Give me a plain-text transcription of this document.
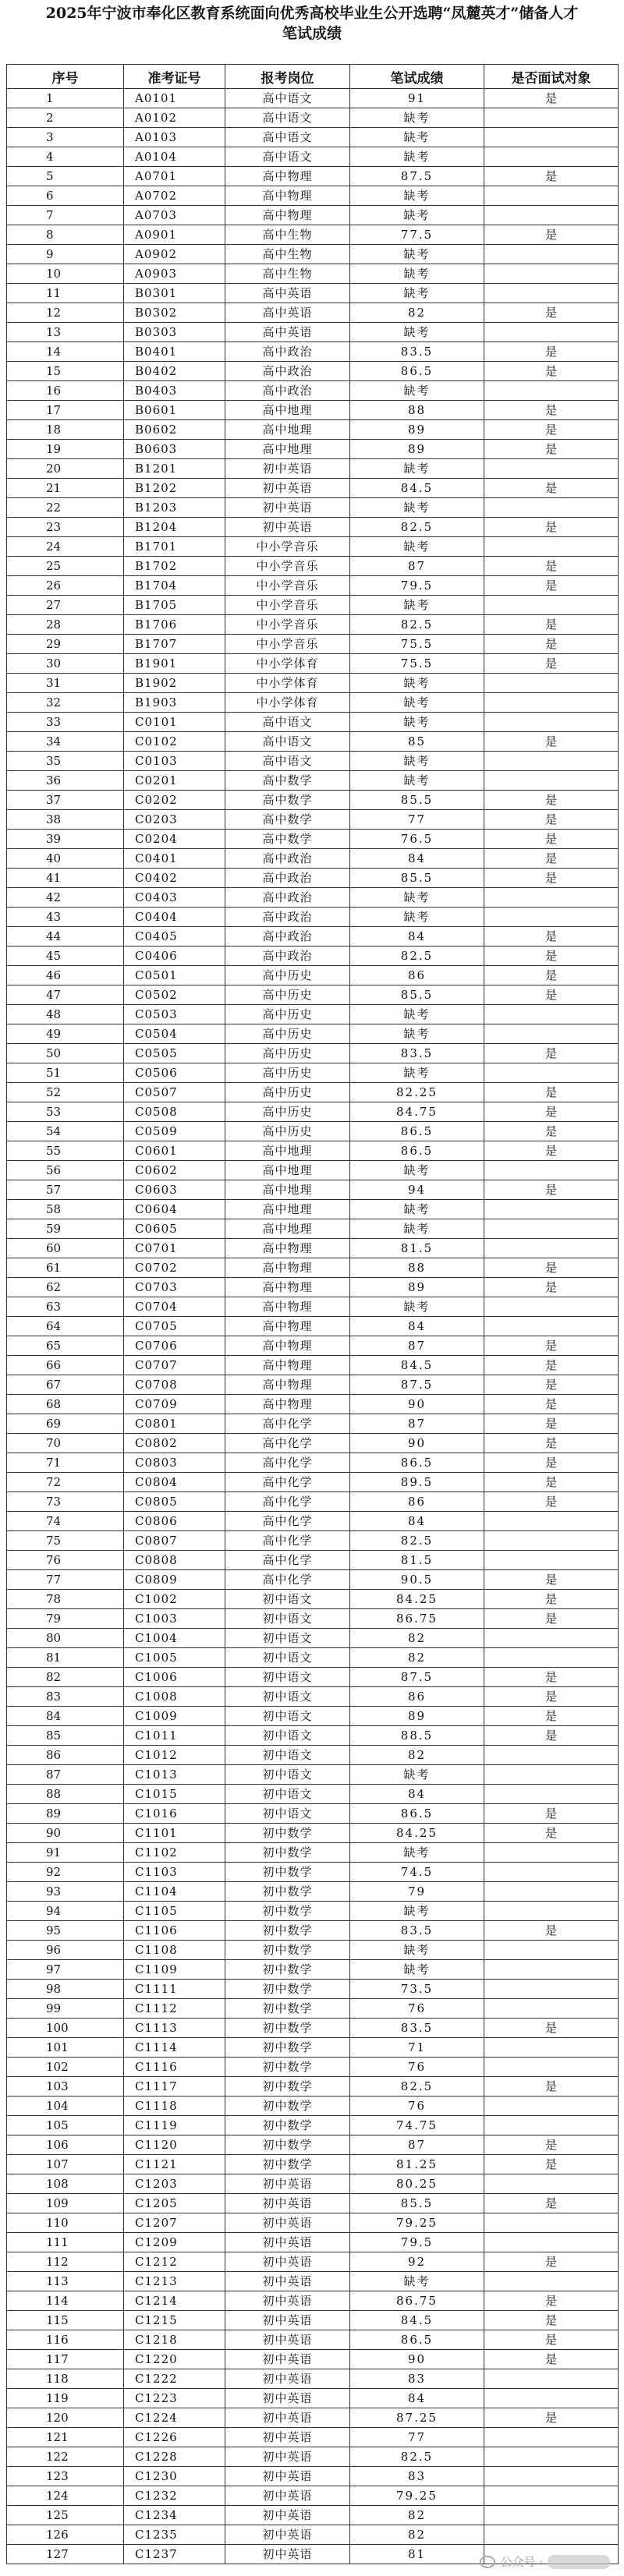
2025年宁波市奉化区教育系统面向优秀高校毕业生公开选聘“凤麓英才”储备人才
笔试成绩
序号	准考证号	报考岗位	笔试成绩	是否面试对象
1	A0101	高中语文	91	是
2	A0102	高中语文	缺考	
3	A0103	高中语文	缺考	
4	A0104	高中语文	缺考	
5	A0701	高中物理	87.5	是
6	A0702	高中物理	缺考	
7	A0703	高中物理	缺考	
8	A0901	高中生物	77.5	是
9	A0902	高中生物	缺考	
10	A0903	高中生物	缺考	
11	B0301	高中英语	缺考	
12	B0302	高中英语	82	是
13	B0303	高中英语	缺考	
14	B0401	高中政治	83.5	是
15	B0402	高中政治	86.5	是
16	B0403	高中政治	缺考	
17	B0601	高中地理	88	是
18	B0602	高中地理	89	是
19	B0603	高中地理	89	是
20	B1201	初中英语	缺考	
21	B1202	初中英语	84.5	是
22	B1203	初中英语	缺考	
23	B1204	初中英语	82.5	是
24	B1701	中小学音乐	缺考	
25	B1702	中小学音乐	87	是
26	B1704	中小学音乐	79.5	是
27	B1705	中小学音乐	缺考	
28	B1706	中小学音乐	82.5	是
29	B1707	中小学音乐	75.5	是
30	B1901	中小学体育	75.5	是
31	B1902	中小学体育	缺考	
32	B1903	中小学体育	缺考	
33	C0101	高中语文	缺考	
34	C0102	高中语文	85	是
35	C0103	高中语文	缺考	
36	C0201	高中数学	缺考	
37	C0202	高中数学	85.5	是
38	C0203	高中数学	77	是
39	C0204	高中数学	76.5	是
40	C0401	高中政治	84	是
41	C0402	高中政治	85.5	是
42	C0403	高中政治	缺考	
43	C0404	高中政治	缺考	
44	C0405	高中政治	84	是
45	C0406	高中政治	82.5	是
46	C0501	高中历史	86	是
47	C0502	高中历史	85.5	是
48	C0503	高中历史	缺考	
49	C0504	高中历史	缺考	
50	C0505	高中历史	83.5	是
51	C0506	高中历史	缺考	
52	C0507	高中历史	82.25	是
53	C0508	高中历史	84.75	是
54	C0509	高中历史	86.5	是
55	C0601	高中地理	86.5	是
56	C0602	高中地理	缺考	
57	C0603	高中地理	94	是
58	C0604	高中地理	缺考	
59	C0605	高中地理	缺考	
60	C0701	高中物理	81.5	
61	C0702	高中物理	88	是
62	C0703	高中物理	89	是
63	C0704	高中物理	缺考	
64	C0705	高中物理	84	
65	C0706	高中物理	87	是
66	C0707	高中物理	84.5	是
67	C0708	高中物理	87.5	是
68	C0709	高中物理	90	是
69	C0801	高中化学	87	是
70	C0802	高中化学	90	是
71	C0803	高中化学	86.5	是
72	C0804	高中化学	89.5	是
73	C0805	高中化学	86	是
74	C0806	高中化学	84	
75	C0807	高中化学	82.5	
76	C0808	高中化学	81.5	
77	C0809	高中化学	90.5	是
78	C1002	初中语文	84.25	是
79	C1003	初中语文	86.75	是
80	C1004	初中语文	82	
81	C1005	初中语文	82	
82	C1006	初中语文	87.5	是
83	C1008	初中语文	86	是
84	C1009	初中语文	89	是
85	C1011	初中语文	88.5	是
86	C1012	初中语文	82	
87	C1013	初中语文	缺考	
88	C1015	初中语文	84	
89	C1016	初中语文	86.5	是
90	C1101	初中数学	84.25	是
91	C1102	初中数学	缺考	
92	C1103	初中数学	74.5	
93	C1104	初中数学	79	
94	C1105	初中数学	缺考	
95	C1106	初中数学	83.5	是
96	C1108	初中数学	缺考	
97	C1109	初中数学	缺考	
98	C1111	初中数学	73.5	
99	C1112	初中数学	76	
100	C1113	初中数学	83.5	是
101	C1114	初中数学	71	
102	C1116	初中数学	76	
103	C1117	初中数学	82.5	是
104	C1118	初中数学	76	
105	C1119	初中数学	74.75	
106	C1120	初中数学	87	是
107	C1121	初中数学	81.25	是
108	C1203	初中英语	80.25	
109	C1205	初中英语	85.5	是
110	C1207	初中英语	79.25	
111	C1209	初中英语	79.5	
112	C1212	初中英语	92	是
113	C1213	初中英语	缺考	
114	C1214	初中英语	86.75	是
115	C1215	初中英语	84.5	是
116	C1218	初中英语	86.5	是
117	C1220	初中英语	90	是
118	C1222	初中英语	83	
119	C1223	初中英语	84	
120	C1224	初中英语	87.25	是
121	C1226	初中英语	77	
122	C1228	初中英语	82.5	
123	C1230	初中英语	83	
124	C1232	初中英语	79.25	
125	C1234	初中英语	82	
126	C1235	初中英语	82	
127	C1237	初中英语	81	
公众号 ·
